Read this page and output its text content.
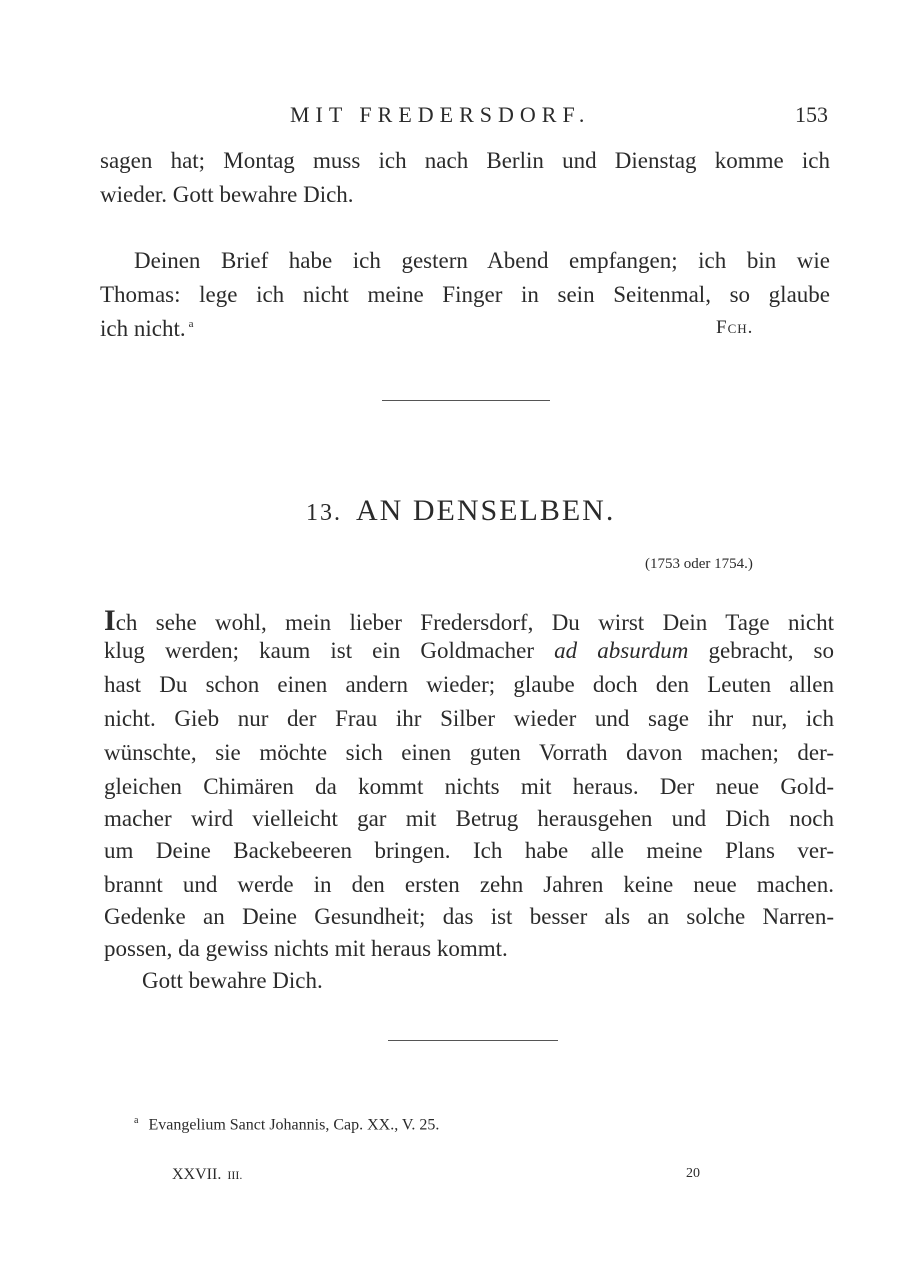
MIT FREDERSDORF.	153
sagen hat; Montag muss ich nach Berlin und Dienstag komme ich
wieder. Gott bewahre Dich.
Deinen Brief habe ich gestern Abend empfangen; ich bin wie
Thomas: lege ich nicht meine Finger in sein Seitenmal, so glaube
ich nicht. $^a$	Fch.
13. AN DENSELBEN.
(1753 oder 1754.)
Ich sehe wohl, mein lieber Fredersdorf, Du wirst Dein Tage nicht
klug werden; kaum ist ein Goldmacher ad absurdum gebracht, so
hast Du schon einen andern wieder; glaube doch den Leuten allen
nicht. Gieb nur der Frau ihr Silber wieder und sage ihr nur, ich
wünschte, sie möchte sich einen guten Vorrath davon machen; der-
gleichen Chimären da kommt nichts mit heraus. Der neue Gold-
macher wird vielleicht gar mit Betrug herausgehen und Dich noch
um Deine Backebeeren bringen. Ich habe alle meine Plans ver-
brannt und werde in den ersten zehn Jahren keine neue machen.
Gedenke an Deine Gesundheit; das ist besser als an solche Narren-
possen, da gewiss nichts mit heraus kommt.
Gott bewahre Dich.
$^a$ Evangelium Sanct Johannis, Cap. XX., V. 25.
XXVII. III.	20
